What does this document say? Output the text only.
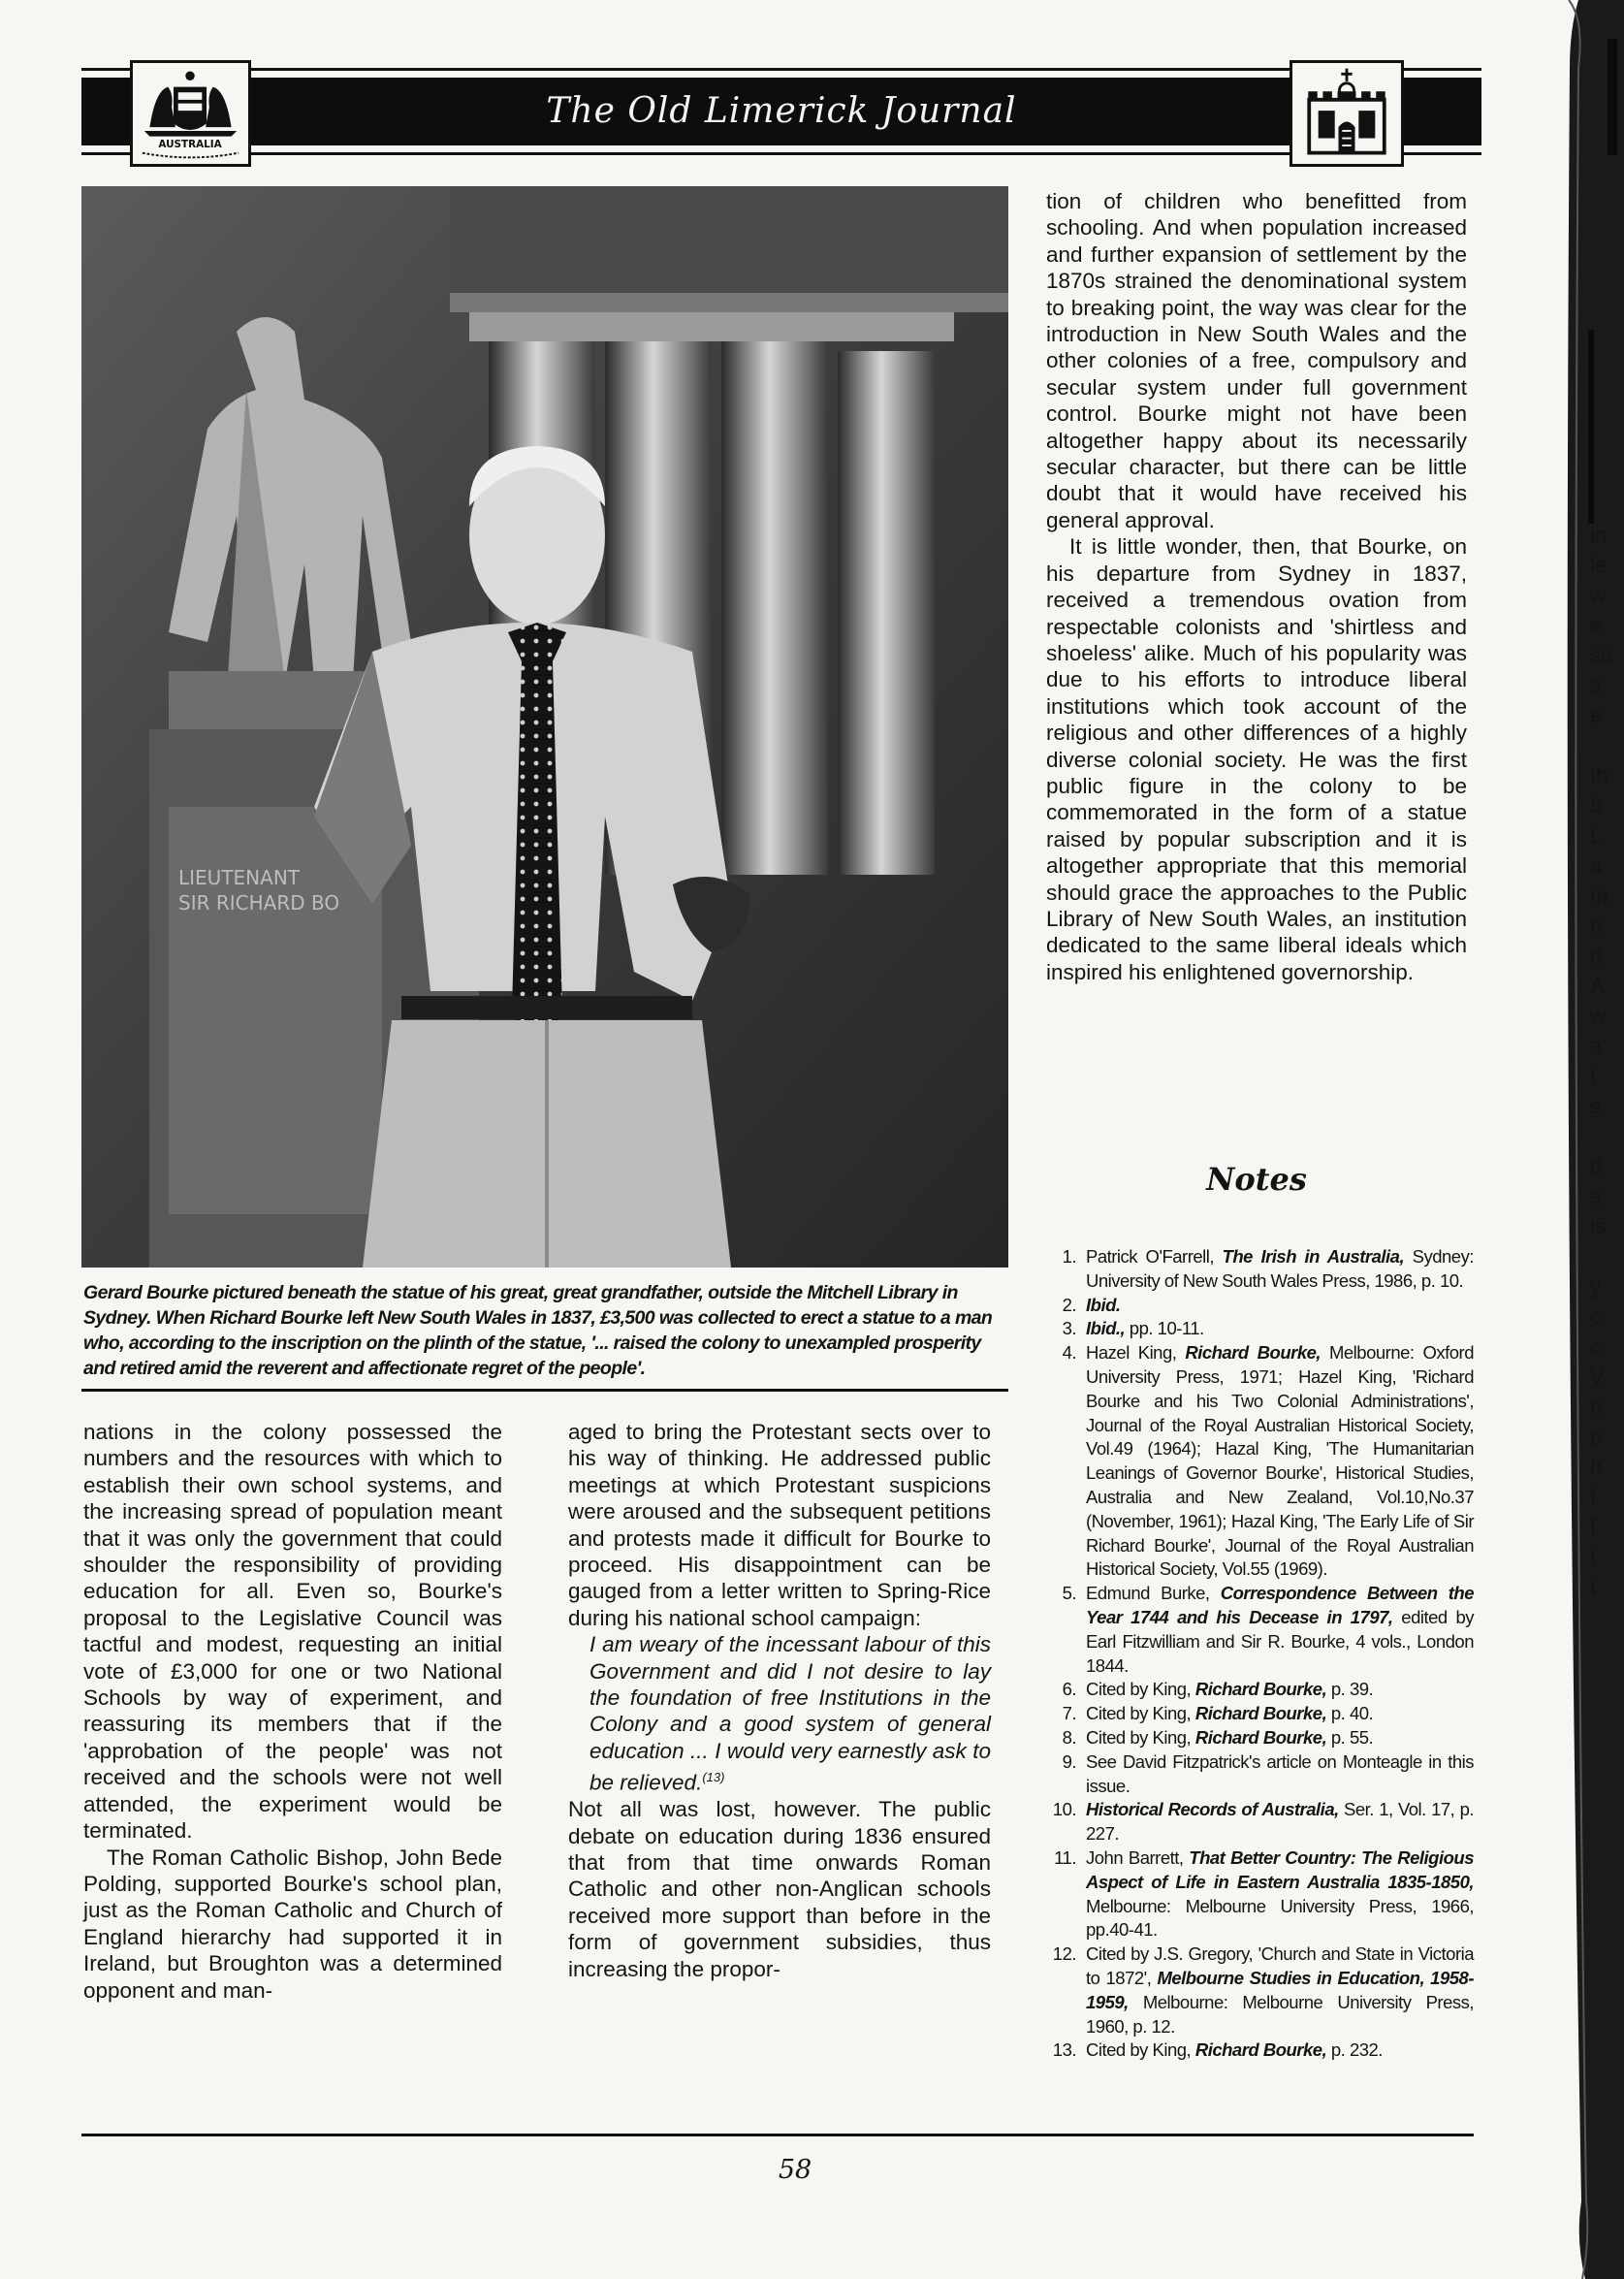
The Old Limerick Journal
AUSTRALIA
LIEUTENANT
SIR RICHARD BO
Gerard Bourke pictured beneath the statue of his great, great grandfather, outside the Mitchell Library in Sydney. When Richard Bourke left New South Wales in 1837, £3,500 was collected to erect a statue to a man who, according to the inscription on the plinth of the statue, '... raised the colony to unexampled prosperity and retired amid the reverent and affectionate regret of the people'.

nations in the colony possessed the numbers and the resources with which to establish their own school systems, and the increasing spread of population meant that it was only the government that could shoulder the responsibility of providing education for all. Even so, Bourke's proposal to the Legislative Council was tactful and modest, requesting an initial vote of £3,000 for one or two National Schools by way of experiment, and reassuring its members that if the 'approbation of the people' was not received and the schools were not well attended, the experiment would be terminated.

The Roman Catholic Bishop, John Bede Polding, supported Bourke's school plan, just as the Roman Catholic and Church of England hierarchy had supported it in Ireland, but Broughton was a determined opponent and man-

aged to bring the Protestant sects over to his way of thinking. He addressed public meetings at which Protestant suspicions were aroused and the subsequent petitions and protests made it difficult for Bourke to proceed. His disappointment can be gauged from a letter written to Spring-Rice during his national school campaign:

I am weary of the incessant labour of this Government and did I not desire to lay the foundation of free Institutions in the Colony and a good system of general education ... I would very earnestly ask to be relieved.$^{(13)}$

Not all was lost, however. The public debate on education during 1836 ensured that from that time onwards Roman Catholic and other non-Anglican schools received more support than before in the form of government subsidies, thus increasing the propor-

tion of children who benefitted from schooling. And when population increased and further expansion of settlement by the 1870s strained the denominational system to breaking point, the way was clear for the introduction in New South Wales and the other colonies of a free, compulsory and secular system under full government control. Bourke might not have been altogether happy about its necessarily secular character, but there can be little doubt that it would have received his general approval.

It is little wonder, then, that Bourke, on his departure from Sydney in 1837, received a tremendous ovation from respectable colonists and 'shirtless and shoeless' alike. Much of his popularity was due to his efforts to introduce liberal institutions which took account of the religious and other differences of a highly diverse colonial society. He was the first public figure in the colony to be commemorated in the form of a statue raised by popular subscription and it is altogether appropriate that this memorial should grace the approaches to the Public Library of New South Wales, an institution dedicated to the same liberal ideals which inspired his enlightened governorship.

Notes
1. Patrick O'Farrell, The Irish in Australia, Sydney: University of New South Wales Press, 1986, p. 10.
2. Ibid.
3. Ibid., pp. 10-11.
4. Hazel King, Richard Bourke, Melbourne: Oxford University Press, 1971; Hazel King, 'Richard Bourke and his Two Colonial Administrations', Journal of the Royal Australian Historical Society, Vol.49 (1964); Hazal King, 'The Humanitarian Leanings of Governor Bourke', Historical Studies, Australia and New Zealand, Vol.10,No.37 (November, 1961); Hazal King, 'The Early Life of Sir Richard Bourke', Journal of the Royal Australian Historical Society, Vol.55 (1969).
5. Edmund Burke, Correspondence Between the Year 1744 and his Decease in 1797, edited by Earl Fitzwilliam and Sir R. Bourke, 4 vols., London 1844.
6. Cited by King, Richard Bourke, p. 39.
7. Cited by King, Richard Bourke, p. 40.
8. Cited by King, Richard Bourke, p. 55.
9. See David Fitzpatrick's article on Monteagle in this issue.
10. Historical Records of Australia, Ser. 1, Vol. 17, p. 227.
11. John Barrett, That Better Country: The Religious Aspect of Life in Eastern Australia 1835-1850, Melbourne: Melbourne University Press, 1966, pp.40-41.
12. Cited by J.S. Gregory, 'Church and State in Victoria to 1872', Melbourne Studies in Education, 1958-1959, Melbourne: Melbourne University Press, 1960, p. 12.
13. Cited by King, Richard Bourke, p. 232.
58
in
le
w
e
su
a
e
th
b
L
a
m
h
d
A
w
a
t
s
d
a
is
y
c
c
V
h
p
h
f
f
t
t
